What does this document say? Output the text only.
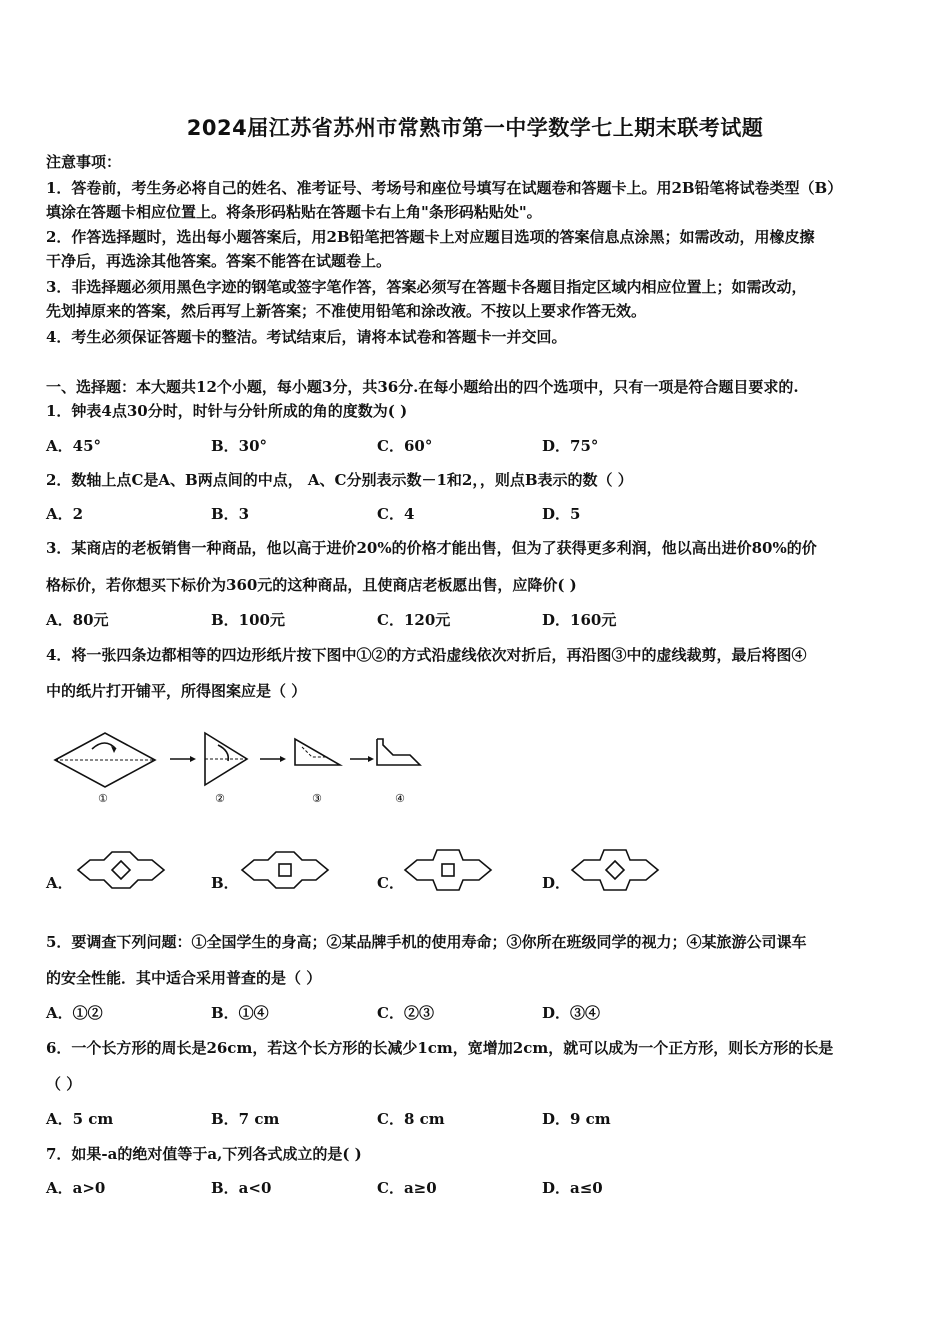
2024届江苏省苏州市常熟市第一中学数学七上期末联考试题
注意事项：
1．答卷前，考生务必将自己的姓名、准考证号、考场号和座位号填写在试题卷和答题卡上。用2B铅笔将试卷类型（B）
填涂在答题卡相应位置上。将条形码粘贴在答题卡右上角"条形码粘贴处"。
2．作答选择题时，选出每小题答案后，用2B铅笔把答题卡上对应题目选项的答案信息点涂黑；如需改动，用橡皮擦
干净后，再选涂其他答案。答案不能答在试题卷上。
3．非选择题必须用黑色字迹的钢笔或签字笔作答，答案必须写在答题卡各题目指定区域内相应位置上；如需改动，
先划掉原来的答案，然后再写上新答案；不准使用铅笔和涂改液。不按以上要求作答无效。
4．考生必须保证答题卡的整洁。考试结束后，请将本试卷和答题卡一并交回。
一、选择题：本大题共12个小题，每小题3分，共36分.在每小题给出的四个选项中，只有一项是符合题目要求的.
1．钟表4点30分时，时针与分针所成的角的度数为( )
A．45°	B．30°	C．60°	D．75°
2．数轴上点C是A、B两点间的中点， A、C分别表示数－1和2，，则点B表示的数（ ）
A．2	B．3	C．4	D．5
3．某商店的老板销售一种商品，他以高于进价20%的价格才能出售，但为了获得更多利润，他以高出进价80%的价
格标价，若你想买下标价为360元的这种商品，且使商店老板愿出售，应降价( )
A．80元	B．100元	C．120元	D．160元
4．将一张四条边都相等的四边形纸片按下图中①②的方式沿虚线依次对折后，再沿图③中的虚线裁剪，最后将图④
中的纸片打开铺平，所得图案应是（ ）
①	②	③	④
A．	B．	C．	D．
5．要调查下列问题：①全国学生的身高；②某品牌手机的使用寿命；③你所在班级同学的视力；④某旅游公司课车
的安全性能．其中适合采用普查的是（ ）
A．①②	B．①④	C．②③	D．③④
6．一个长方形的周长是26cm，若这个长方形的长减少1cm，宽增加2cm，就可以成为一个正方形，则长方形的长是
（ ）
A．5 cm	B．7 cm	C．8 cm	D．9 cm
7．如果-a的绝对值等于a,下列各式成立的是( )
A．a>0	B．a<0	C．a≥0	D．a≤0
